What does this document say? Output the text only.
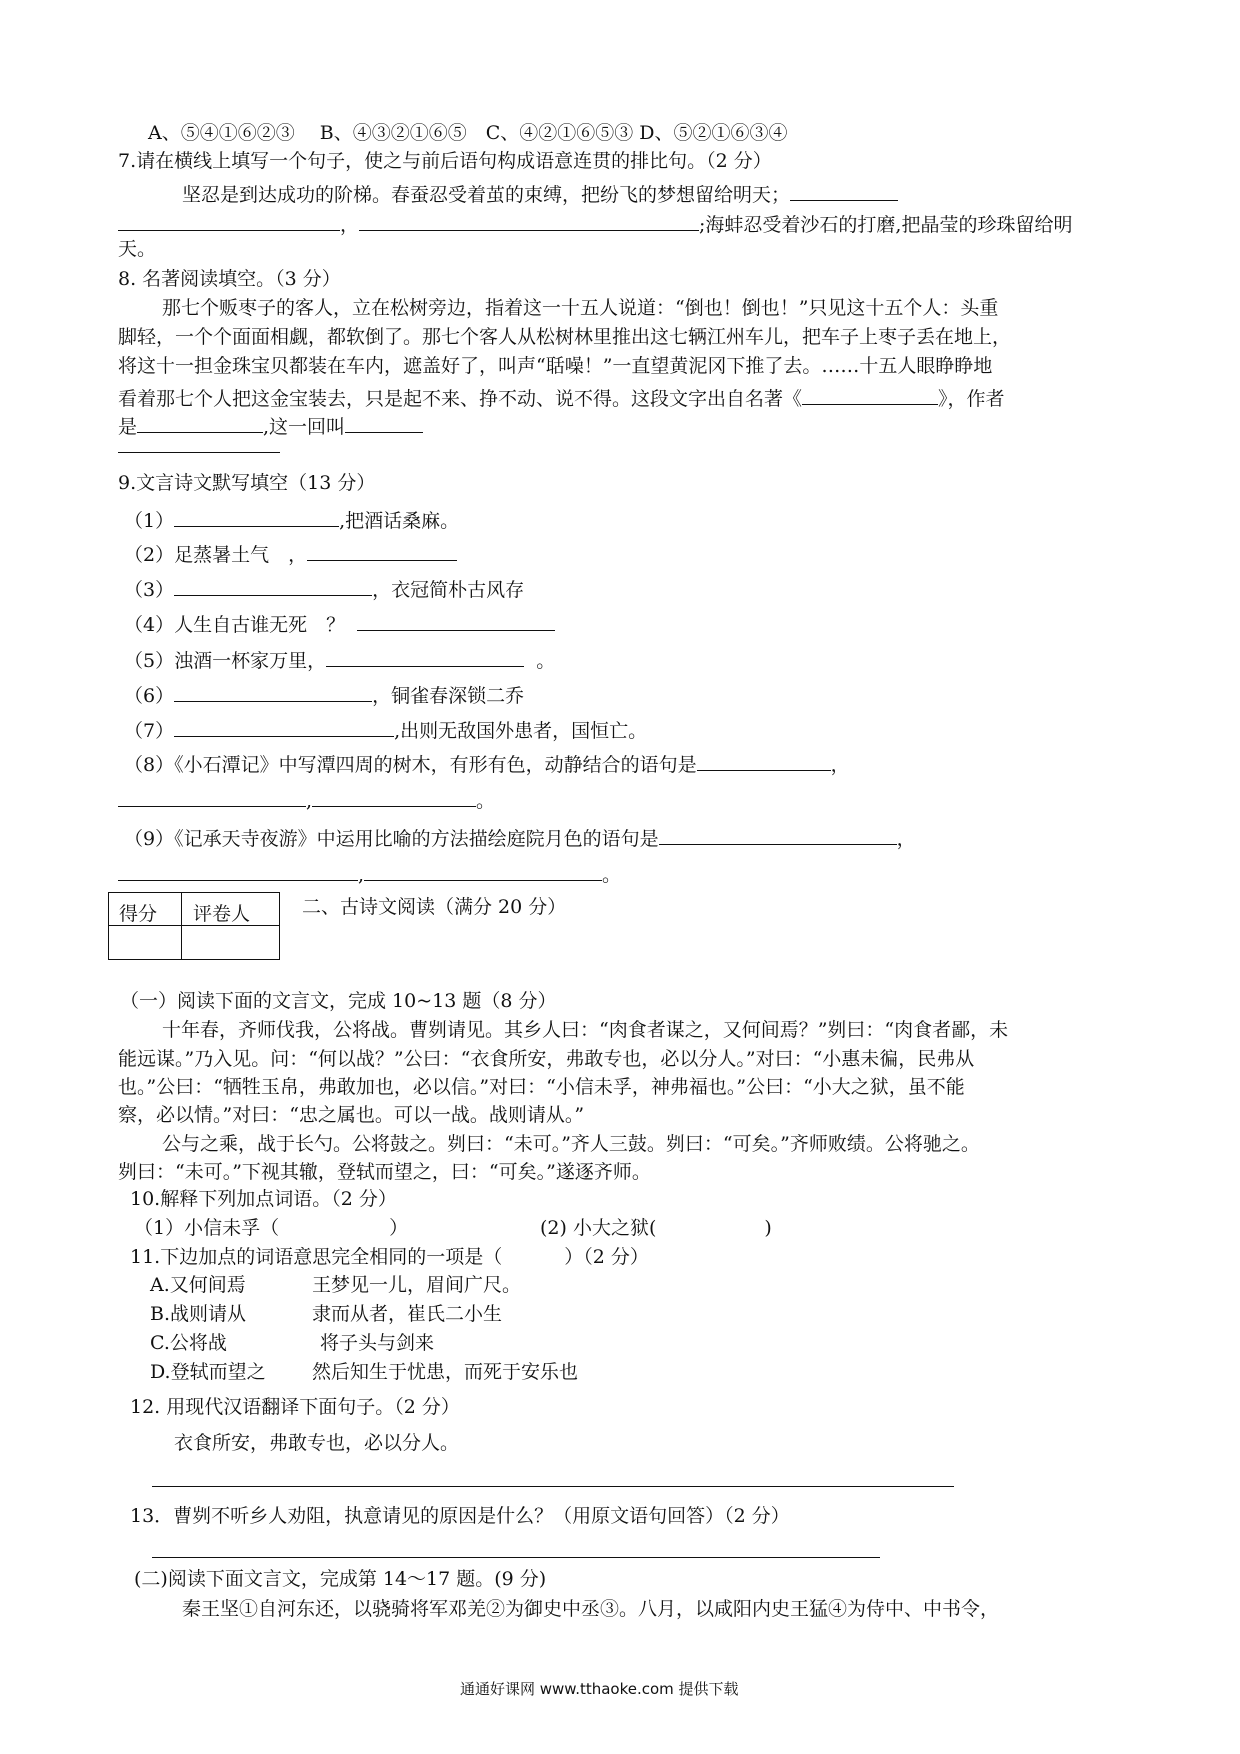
A、⑤④①⑥②③　 B、④③②①⑥⑤　C、④②①⑥⑤③ D、⑤②①⑥③④
7.请在横线上填写一个句子，使之与前后语句构成语意连贯的排比句。（2 分）
坚忍是到达成功的阶梯。春蚕忍受着茧的束缚，把纷飞的梦想留给明天；
，	;海蚌忍受着沙石的打磨,把晶莹的珍珠留给明
天。
8. 名著阅读填空。（3 分）
那七个贩枣子的客人，立在松树旁边，指着这一十五人说道：“倒也！倒也！”只见这十五个人：头重
脚轻，一个个面面相觑，都软倒了。那七个客人从松树林里推出这七辆江州车儿，把车子上枣子丢在地上，
将这十一担金珠宝贝都装在车内，遮盖好了，叫声“聒噪！”一直望黄泥冈下推了去。……十五人眼睁睁地
看着那七个人把这金宝装去，只是起不来、挣不动、说不得。这段文字出自名著《	》，作者
是	,这一回叫
9.文言诗文默写填空（13 分）
（1）	,把酒话桑麻。
（2）足蒸暑土气　，
（3）	，衣冠简朴古风存
（4）人生自古谁无死　？
（5）浊酒一杯家万里，	。
（6）	，铜雀春深锁二乔
（7）	,出则无敌国外患者，国恒亡。
（8）《小石潭记》中写潭四周的树木，有形有色，动静结合的语句是	，
,	。
（9）《记承天寺夜游》中运用比喻的方法描绘庭院月色的语句是	，
,	。
得分 评卷人	二、古诗文阅读（满分 20 分）
（一）阅读下面的文言文，完成 10~13 题（8 分）
十年春，齐师伐我，公将战。曹刿请见。其乡人曰：“肉食者谋之，又何间焉？”刿曰：“肉食者鄙，未
能远谋。”乃入见。问：“何以战？”公曰：“衣食所安，弗敢专也，必以分人。”对曰：“小惠未徧，民弗从
也。”公曰：“牺牲玉帛，弗敢加也，必以信。”对曰：“小信未孚，神弗福也。”公曰：“小大之狱，虽不能
察，必以情。”对曰：“忠之属也。可以一战。战则请从。”
公与之乘，战于长勺。公将鼓之。刿曰：“未可。”齐人三鼓。刿曰：“可矣。”齐师败绩。公将驰之。
刿曰：“未可。”下视其辙，登轼而望之，曰：“可矣。”遂逐齐师。
10.解释下列加点词语。（2 分）
（1）小信未孚（	）	(2) 小大之狱(	)
11.下边加点的词语意思完全相同的一项是（	）（2 分）
A.又何间焉	王梦见一儿，眉间广尺。
B.战则请从	隶而从者，崔氏二小生
C.公将战	将子头与剑来
D.登轼而望之 然后知生于忧患，而死于安乐也
12. 用现代汉语翻译下面句子。（2 分）
衣食所安，弗敢专也，必以分人。
13．曹刿不听乡人劝阻，执意请见的原因是什么？（用原文语句回答）（2 分）
(二)阅读下面文言文，完成第 14～17 题。(9 分)
秦王坚①自河东还，以骁骑将军邓羌②为御史中丞③。八月，以咸阳内史王猛④为侍中、中书令，
通通好课网 www.tthaoke.com 提供下载
